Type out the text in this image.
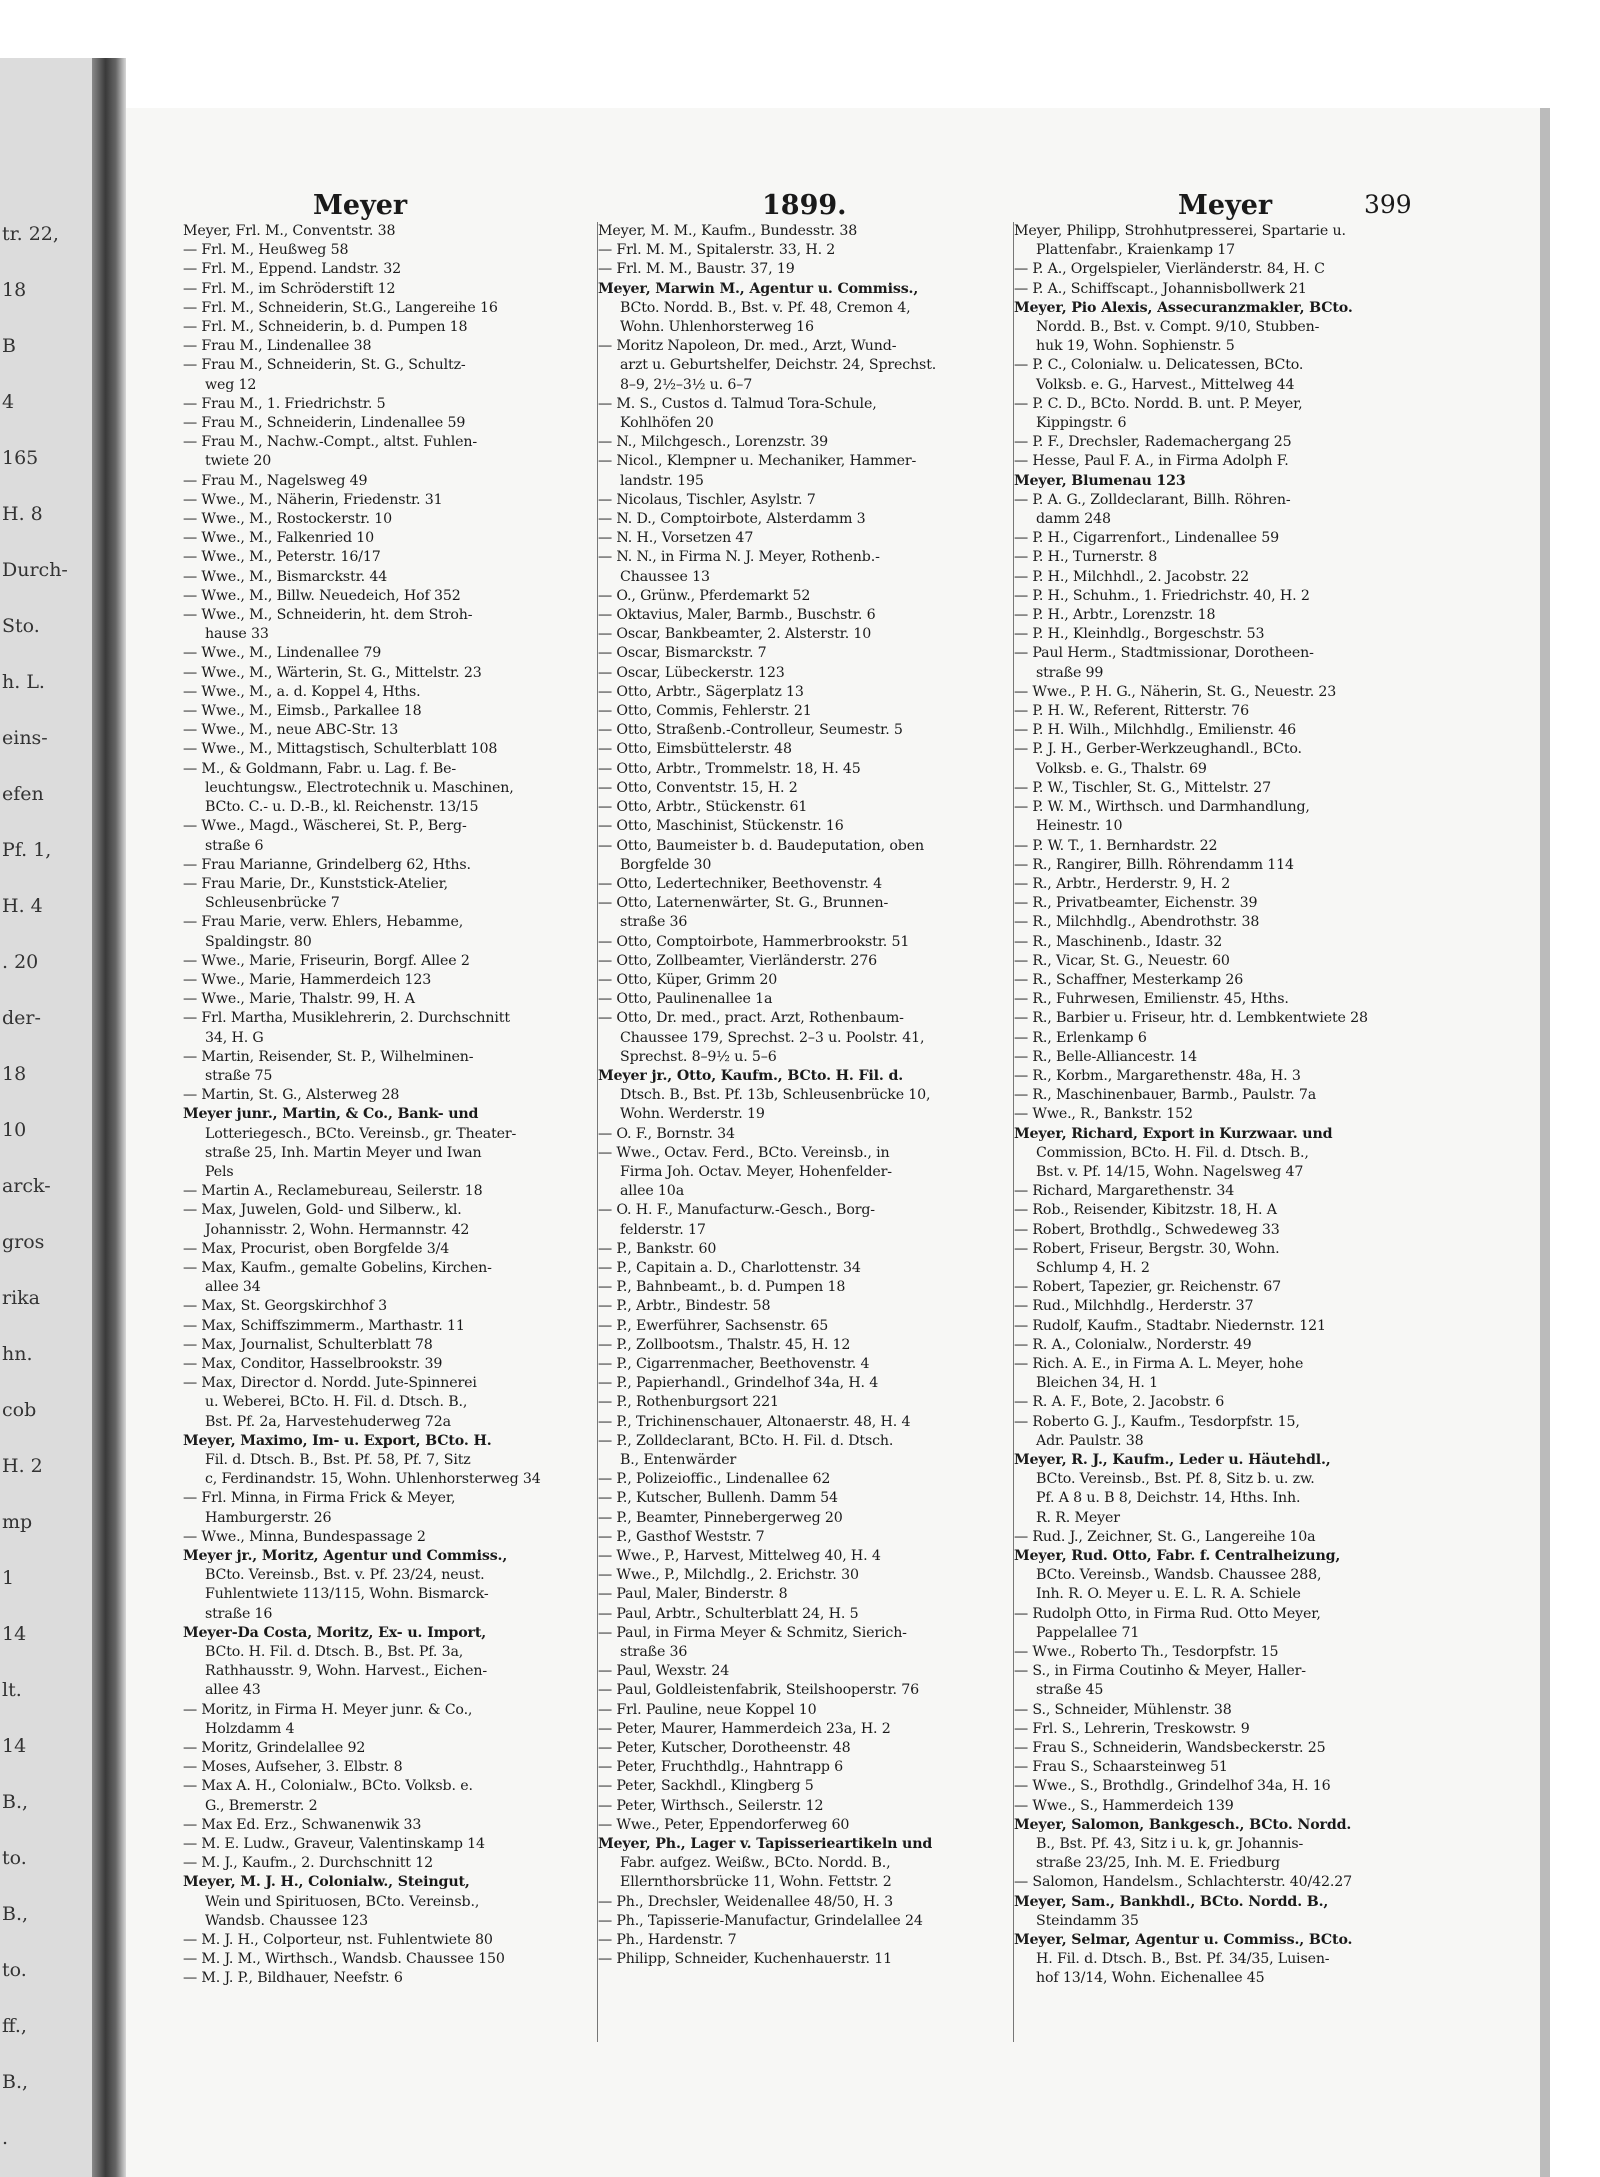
tr. 22,
18
B
4
165
H. 8
Durch-
Sto.
h. L.
eins-
efen
Pf. 1,
H. 4
. 20
der-
18
10
arck-
gros
rika
hn.
cob
H. 2
mp
1
14
lt.
14
B.,
to.
B.,
to.
ff.,
B.,
.
Meyer	1899.	Meyer	399
Meyer, Frl. M., Conventstr. 38
— Frl. M., Heußweg 58
— Frl. M., Eppend. Landstr. 32
— Frl. M., im Schröderstift 12
— Frl. M., Schneiderin, St.G., Langereihe 16
— Frl. M., Schneiderin, b. d. Pumpen 18
— Frau M., Lindenallee 38
— Frau M., Schneiderin, St. G., Schultz-
weg 12
— Frau M., 1. Friedrichstr. 5
— Frau M., Schneiderin, Lindenallee 59
— Frau M., Nachw.-Compt., altst. Fuhlen-
twiete 20
— Frau M., Nagelsweg 49
— Wwe., M., Näherin, Friedenstr. 31
— Wwe., M., Rostockerstr. 10
— Wwe., M., Falkenried 10
— Wwe., M., Peterstr. 16/17
— Wwe., M., Bismarckstr. 44
— Wwe., M., Billw. Neuedeich, Hof 352
— Wwe., M., Schneiderin, ht. dem Stroh-
hause 33
— Wwe., M., Lindenallee 79
— Wwe., M., Wärterin, St. G., Mittelstr. 23
— Wwe., M., a. d. Koppel 4, Hths.
— Wwe., M., Eimsb., Parkallee 18
— Wwe., M., neue ABC-Str. 13
— Wwe., M., Mittagstisch, Schulterblatt 108
— M., & Goldmann, Fabr. u. Lag. f. Be-
leuchtungsw., Electrotechnik u. Maschinen,
BCto. C.- u. D.-B., kl. Reichenstr. 13/15
— Wwe., Magd., Wäscherei, St. P., Berg-
straße 6
— Frau Marianne, Grindelberg 62, Hths.
— Frau Marie, Dr., Kunststick-Atelier,
Schleusenbrücke 7
— Frau Marie, verw. Ehlers, Hebamme,
Spaldingstr. 80
— Wwe., Marie, Friseurin, Borgf. Allee 2
— Wwe., Marie, Hammerdeich 123
— Wwe., Marie, Thalstr. 99, H. A
— Frl. Martha, Musiklehrerin, 2. Durchschnitt
34, H. G
— Martin, Reisender, St. P., Wilhelminen-
straße 75
— Martin, St. G., Alsterweg 28
Meyer junr., Martin, & Co., Bank- und
Lotteriegesch., BCto. Vereinsb., gr. Theater-
straße 25, Inh. Martin Meyer und Iwan
Pels
— Martin A., Reclamebureau, Seilerstr. 18
— Max, Juwelen, Gold- und Silberw., kl.
Johannisstr. 2, Wohn. Hermannstr. 42
— Max, Procurist, oben Borgfelde 3/4
— Max, Kaufm., gemalte Gobelins, Kirchen-
allee 34
— Max, St. Georgskirchhof 3
— Max, Schiffszimmerm., Marthastr. 11
— Max, Journalist, Schulterblatt 78
— Max, Conditor, Hasselbrookstr. 39
— Max, Director d. Nordd. Jute-Spinnerei
u. Weberei, BCto. H. Fil. d. Dtsch. B.,
Bst. Pf. 2a, Harvestehuderweg 72a
Meyer, Maximo, Im- u. Export, BCto. H.
Fil. d. Dtsch. B., Bst. Pf. 58, Pf. 7, Sitz
c, Ferdinandstr. 15, Wohn. Uhlenhorsterweg 34
— Frl. Minna, in Firma Frick & Meyer,
Hamburgerstr. 26
— Wwe., Minna, Bundespassage 2
Meyer jr., Moritz, Agentur und Commiss.,
BCto. Vereinsb., Bst. v. Pf. 23/24, neust.
Fuhlentwiete 113/115, Wohn. Bismarck-
straße 16
Meyer-Da Costa, Moritz, Ex- u. Import,
BCto. H. Fil. d. Dtsch. B., Bst. Pf. 3a,
Rathhausstr. 9, Wohn. Harvest., Eichen-
allee 43
— Moritz, in Firma H. Meyer junr. & Co.,
Holzdamm 4
— Moritz, Grindelallee 92
— Moses, Aufseher, 3. Elbstr. 8
— Max A. H., Colonialw., BCto. Volksb. e.
G., Bremerstr. 2
— Max Ed. Erz., Schwanenwik 33
— M. E. Ludw., Graveur, Valentinskamp 14
— M. J., Kaufm., 2. Durchschnitt 12
Meyer, M. J. H., Colonialw., Steingut,
Wein und Spirituosen, BCto. Vereinsb.,
Wandsb. Chaussee 123
— M. J. H., Colporteur, nst. Fuhlentwiete 80
— M. J. M., Wirthsch., Wandsb. Chaussee 150
— M. J. P., Bildhauer, Neefstr. 6
Meyer, M. M., Kaufm., Bundesstr. 38
— Frl. M. M., Spitalerstr. 33, H. 2
— Frl. M. M., Baustr. 37, 19
Meyer, Marwin M., Agentur u. Commiss.,
BCto. Nordd. B., Bst. v. Pf. 48, Cremon 4,
Wohn. Uhlenhorsterweg 16
— Moritz Napoleon, Dr. med., Arzt, Wund-
arzt u. Geburtshelfer, Deichstr. 24, Sprechst.
8–9, 2½–3½ u. 6–7
— M. S., Custos d. Talmud Tora-Schule,
Kohlhöfen 20
— N., Milchgesch., Lorenzstr. 39
— Nicol., Klempner u. Mechaniker, Hammer-
landstr. 195
— Nicolaus, Tischler, Asylstr. 7
— N. D., Comptoirbote, Alsterdamm 3
— N. H., Vorsetzen 47
— N. N., in Firma N. J. Meyer, Rothenb.-
Chaussee 13
— O., Grünw., Pferdemarkt 52
— Oktavius, Maler, Barmb., Buschstr. 6
— Oscar, Bankbeamter, 2. Alsterstr. 10
— Oscar, Bismarckstr. 7
— Oscar, Lübeckerstr. 123
— Otto, Arbtr., Sägerplatz 13
— Otto, Commis, Fehlerstr. 21
— Otto, Straßenb.-Controlleur, Seumestr. 5
— Otto, Eimsbüttelerstr. 48
— Otto, Arbtr., Trommelstr. 18, H. 45
— Otto, Conventstr. 15, H. 2
— Otto, Arbtr., Stückenstr. 61
— Otto, Maschinist, Stückenstr. 16
— Otto, Baumeister b. d. Baudeputation, oben
Borgfelde 30
— Otto, Ledertechniker, Beethovenstr. 4
— Otto, Laternenwärter, St. G., Brunnen-
straße 36
— Otto, Comptoirbote, Hammerbrookstr. 51
— Otto, Zollbeamter, Vierländerstr. 276
— Otto, Küper, Grimm 20
— Otto, Paulinenallee 1a
— Otto, Dr. med., pract. Arzt, Rothenbaum-
Chaussee 179, Sprechst. 2–3 u. Poolstr. 41,
Sprechst. 8–9½ u. 5–6
Meyer jr., Otto, Kaufm., BCto. H. Fil. d.
Dtsch. B., Bst. Pf. 13b, Schleusenbrücke 10,
Wohn. Werderstr. 19
— O. F., Bornstr. 34
— Wwe., Octav. Ferd., BCto. Vereinsb., in
Firma Joh. Octav. Meyer, Hohenfelder-
allee 10a
— O. H. F., Manufacturw.-Gesch., Borg-
felderstr. 17
— P., Bankstr. 60
— P., Capitain a. D., Charlottenstr. 34
— P., Bahnbeamt., b. d. Pumpen 18
— P., Arbtr., Bindestr. 58
— P., Ewerführer, Sachsenstr. 65
— P., Zollbootsm., Thalstr. 45, H. 12
— P., Cigarrenmacher, Beethovenstr. 4
— P., Papierhandl., Grindelhof 34a, H. 4
— P., Rothenburgsort 221
— P., Trichinenschauer, Altonaerstr. 48, H. 4
— P., Zolldeclarant, BCto. H. Fil. d. Dtsch.
B., Entenwärder
— P., Polizeioffic., Lindenallee 62
— P., Kutscher, Bullenh. Damm 54
— P., Beamter, Pinnebergerweg 20
— P., Gasthof Weststr. 7
— Wwe., P., Harvest, Mittelweg 40, H. 4
— Wwe., P., Milchdlg., 2. Erichstr. 30
— Paul, Maler, Binderstr. 8
— Paul, Arbtr., Schulterblatt 24, H. 5
— Paul, in Firma Meyer & Schmitz, Sierich-
straße 36
— Paul, Wexstr. 24
— Paul, Goldleistenfabrik, Steilshooperstr. 76
— Frl. Pauline, neue Koppel 10
— Peter, Maurer, Hammerdeich 23a, H. 2
— Peter, Kutscher, Dorotheenstr. 48
— Peter, Fruchthdlg., Hahntrapp 6
— Peter, Sackhdl., Klingberg 5
— Peter, Wirthsch., Seilerstr. 12
— Wwe., Peter, Eppendorferweg 60
Meyer, Ph., Lager v. Tapisserieartikeln und
Fabr. aufgez. Weißw., BCto. Nordd. B.,
Ellernthorsbrücke 11, Wohn. Fettstr. 2
— Ph., Drechsler, Weidenallee 48/50, H. 3
— Ph., Tapisserie-Manufactur, Grindelallee 24
— Ph., Hardenstr. 7
— Philipp, Schneider, Kuchenhauerstr. 11
Meyer, Philipp, Strohhutpresserei, Spartarie u.
Plattenfabr., Kraienkamp 17
— P. A., Orgelspieler, Vierländerstr. 84, H. C
— P. A., Schiffscapt., Johannisbollwerk 21
Meyer, Pio Alexis, Assecuranzmakler, BCto.
Nordd. B., Bst. v. Compt. 9/10, Stubben-
huk 19, Wohn. Sophienstr. 5
— P. C., Colonialw. u. Delicatessen, BCto.
Volksb. e. G., Harvest., Mittelweg 44
— P. C. D., BCto. Nordd. B. unt. P. Meyer,
Kippingstr. 6
— P. F., Drechsler, Rademachergang 25
— Hesse, Paul F. A., in Firma Adolph F.
Meyer, Blumenau 123
— P. A. G., Zolldeclarant, Billh. Röhren-
damm 248
— P. H., Cigarrenfort., Lindenallee 59
— P. H., Turnerstr. 8
— P. H., Milchhdl., 2. Jacobstr. 22
— P. H., Schuhm., 1. Friedrichstr. 40, H. 2
— P. H., Arbtr., Lorenzstr. 18
— P. H., Kleinhdlg., Borgeschstr. 53
— Paul Herm., Stadtmissionar, Dorotheen-
straße 99
— Wwe., P. H. G., Näherin, St. G., Neuestr. 23
— P. H. W., Referent, Ritterstr. 76
— P. H. Wilh., Milchhdlg., Emilienstr. 46
— P. J. H., Gerber-Werkzeughandl., BCto.
Volksb. e. G., Thalstr. 69
— P. W., Tischler, St. G., Mittelstr. 27
— P. W. M., Wirthsch. und Darmhandlung,
Heinestr. 10
— P. W. T., 1. Bernhardstr. 22
— R., Rangirer, Billh. Röhrendamm 114
— R., Arbtr., Herderstr. 9, H. 2
— R., Privatbeamter, Eichenstr. 39
— R., Milchhdlg., Abendrothstr. 38
— R., Maschinenb., Idastr. 32
— R., Vicar, St. G., Neuestr. 60
— R., Schaffner, Mesterkamp 26
— R., Fuhrwesen, Emilienstr. 45, Hths.
— R., Barbier u. Friseur, htr. d. Lembkentwiete 28
— R., Erlenkamp 6
— R., Belle-Alliancestr. 14
— R., Korbm., Margarethenstr. 48a, H. 3
— R., Maschinenbauer, Barmb., Paulstr. 7a
— Wwe., R., Bankstr. 152
Meyer, Richard, Export in Kurzwaar. und
Commission, BCto. H. Fil. d. Dtsch. B.,
Bst. v. Pf. 14/15, Wohn. Nagelsweg 47
— Richard, Margarethenstr. 34
— Rob., Reisender, Kibitzstr. 18, H. A
— Robert, Brothdlg., Schwedeweg 33
— Robert, Friseur, Bergstr. 30, Wohn.
Schlump 4, H. 2
— Robert, Tapezier, gr. Reichenstr. 67
— Rud., Milchhdlg., Herderstr. 37
— Rudolf, Kaufm., Stadtabr. Niedernstr. 121
— R. A., Colonialw., Norderstr. 49
— Rich. A. E., in Firma A. L. Meyer, hohe
Bleichen 34, H. 1
— R. A. F., Bote, 2. Jacobstr. 6
— Roberto G. J., Kaufm., Tesdorpfstr. 15,
Adr. Paulstr. 38
Meyer, R. J., Kaufm., Leder u. Häutehdl.,
BCto. Vereinsb., Bst. Pf. 8, Sitz b. u. zw.
Pf. A 8 u. B 8, Deichstr. 14, Hths. Inh.
R. R. Meyer
— Rud. J., Zeichner, St. G., Langereihe 10a
Meyer, Rud. Otto, Fabr. f. Centralheizung,
BCto. Vereinsb., Wandsb. Chaussee 288,
Inh. R. O. Meyer u. E. L. R. A. Schiele
— Rudolph Otto, in Firma Rud. Otto Meyer,
Pappelallee 71
— Wwe., Roberto Th., Tesdorpfstr. 15
— S., in Firma Coutinho & Meyer, Haller-
straße 45
— S., Schneider, Mühlenstr. 38
— Frl. S., Lehrerin, Treskowstr. 9
— Frau S., Schneiderin, Wandsbeckerstr. 25
— Frau S., Schaarsteinweg 51
— Wwe., S., Brothdlg., Grindelhof 34a, H. 16
— Wwe., S., Hammerdeich 139
Meyer, Salomon, Bankgesch., BCto. Nordd.
B., Bst. Pf. 43, Sitz i u. k, gr. Johannis-
straße 23/25, Inh. M. E. Friedburg
— Salomon, Handelsm., Schlachterstr. 40/42.27
Meyer, Sam., Bankhdl., BCto. Nordd. B.,
Steindamm 35
Meyer, Selmar, Agentur u. Commiss., BCto.
H. Fil. d. Dtsch. B., Bst. Pf. 34/35, Luisen-
hof 13/14, Wohn. Eichenallee 45
